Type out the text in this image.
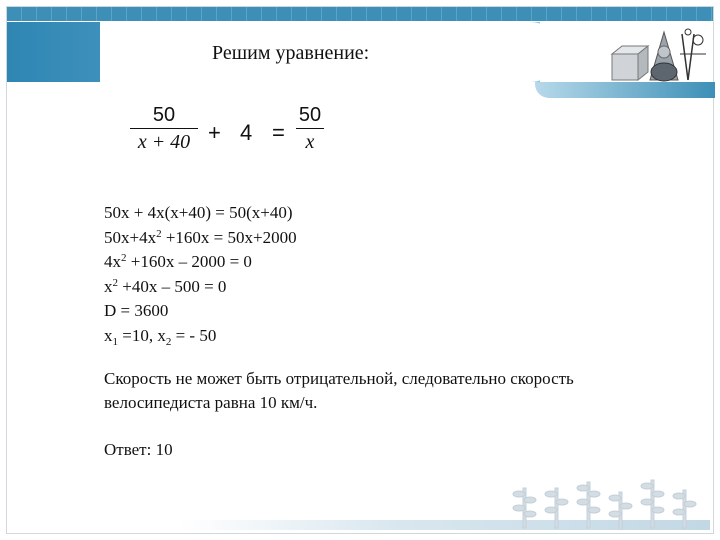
Решим уравнение:
50
x + 40 + 4 =
50
x
50x + 4x(x+40) = 50(x+40)
$50x+4x^2 +160x = 50x+2000$
$4x^2 +160x - 2000 = 0$
$x^2 +40x - 500 = 0$
D = 3600
$x_1 =10$, $x_2$ = - 50
Скорость не может быть отрицательной, следовательно скорость велосипедиста равна 10 км/ч.
Ответ: 10
